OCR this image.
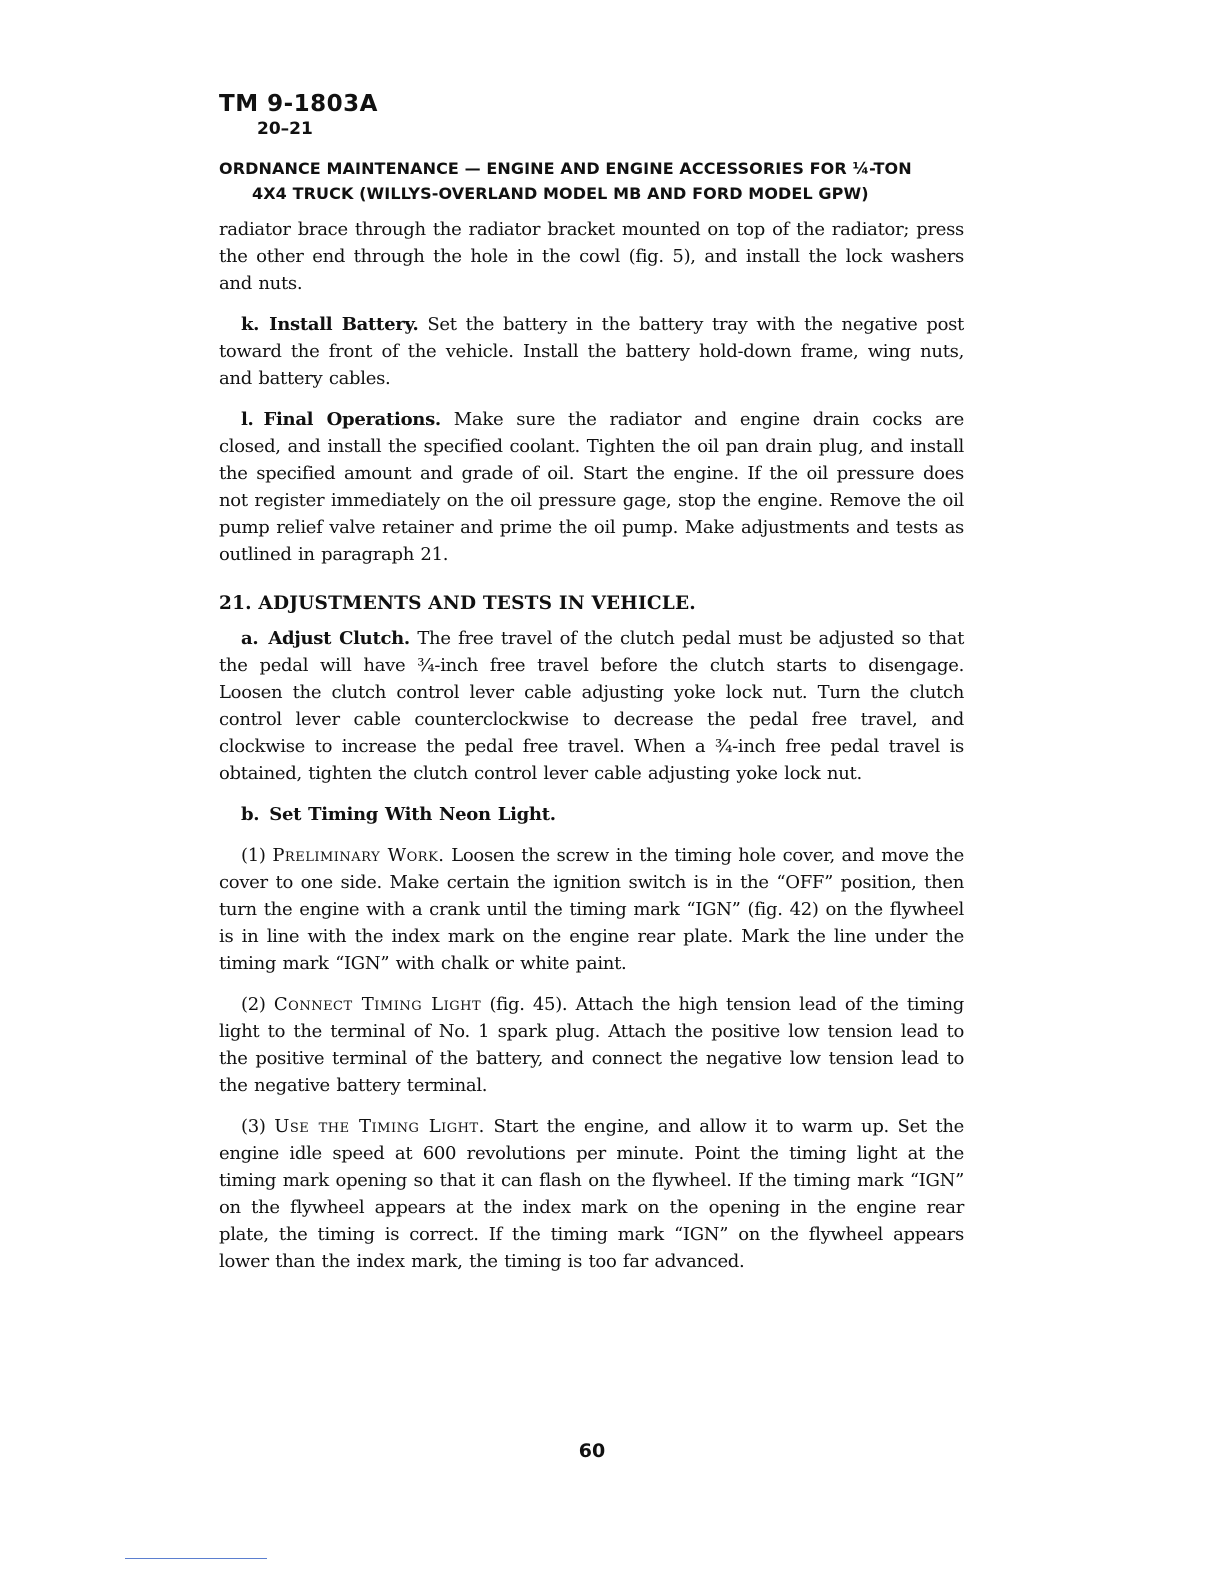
TM 9-1803A
20–21
ORDNANCE MAINTENANCE — ENGINE AND ENGINE ACCESSORIES FOR ¼-TON
4X4 TRUCK (WILLYS-OVERLAND MODEL MB AND FORD MODEL GPW)

radiator brace through the radiator bracket mounted on top of the radiator; press the other end through the hole in the cowl (fig. 5), and install the lock washers and nuts.

k. Install Battery. Set the battery in the battery tray with the negative post toward the front of the vehicle. Install the battery hold-down frame, wing nuts, and battery cables.

l. Final Operations. Make sure the radiator and engine drain cocks are closed, and install the specified coolant. Tighten the oil pan drain plug, and install the specified amount and grade of oil. Start the engine. If the oil pressure does not register immediately on the oil pressure gage, stop the engine. Remove the oil pump relief valve retainer and prime the oil pump. Make adjustments and tests as outlined in paragraph 21.

21. ADJUSTMENTS AND TESTS IN VEHICLE.

a. Adjust Clutch. The free travel of the clutch pedal must be adjusted so that the pedal will have ¾-inch free travel before the clutch starts to disengage. Loosen the clutch control lever cable adjusting yoke lock nut. Turn the clutch control lever cable counterclockwise to decrease the pedal free travel, and clockwise to increase the pedal free travel. When a ¾-inch free pedal travel is obtained, tighten the clutch control lever cable adjusting yoke lock nut.

b. Set Timing With Neon Light.

(1) Preliminary Work. Loosen the screw in the timing hole cover, and move the cover to one side. Make certain the ignition switch is in the “OFF” position, then turn the engine with a crank until the timing mark “IGN” (fig. 42) on the flywheel is in line with the index mark on the engine rear plate. Mark the line under the timing mark “IGN” with chalk or white paint.

(2) Connect Timing Light (fig. 45). Attach the high tension lead of the timing light to the terminal of No. 1 spark plug. Attach the positive low tension lead to the positive terminal of the battery, and connect the negative low tension lead to the negative battery terminal.

(3) Use the Timing Light. Start the engine, and allow it to warm up. Set the engine idle speed at 600 revolutions per minute. Point the timing light at the timing mark opening so that it can flash on the flywheel. If the timing mark “IGN” on the flywheel appears at the index mark on the opening in the engine rear plate, the timing is correct. If the timing mark “IGN” on the flywheel appears lower than the index mark, the timing is too far advanced.

60
